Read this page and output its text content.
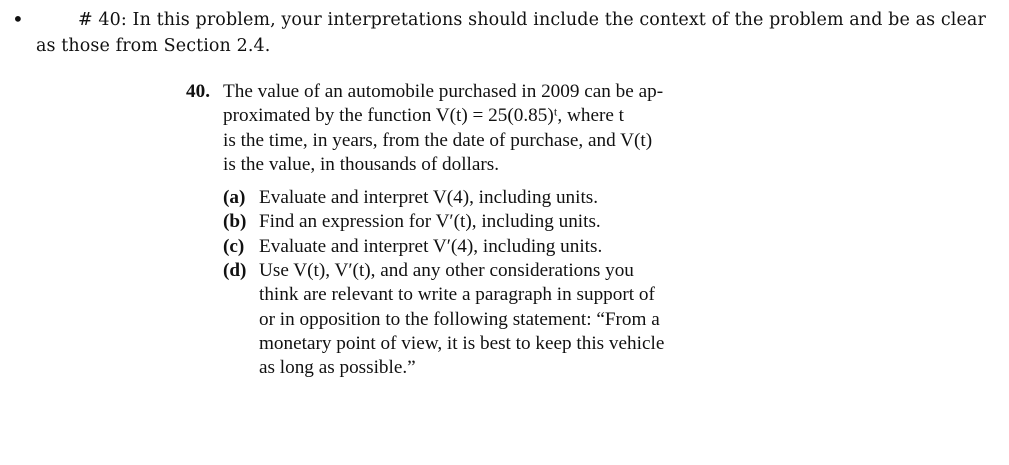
•	# 40: In this problem, your interpretations should include the context of the problem and be as clear as those from Section 2.4.
40. The value of an automobile purchased in 2009 can be ap-
proximated by the function V(t) = 25(0.85)ᵗ, where t
is the time, in years, from the date of purchase, and V(t)
is the value, in thousands of dollars.
(a) Evaluate and interpret V(4), including units.
(b) Find an expression for V′(t), including units.
(c) Evaluate and interpret V′(4), including units.
(d) Use V(t), V′(t), and any other considerations you
think are relevant to write a paragraph in support of
or in opposition to the following statement: “From a
monetary point of view, it is best to keep this vehicle
as long as possible.”
